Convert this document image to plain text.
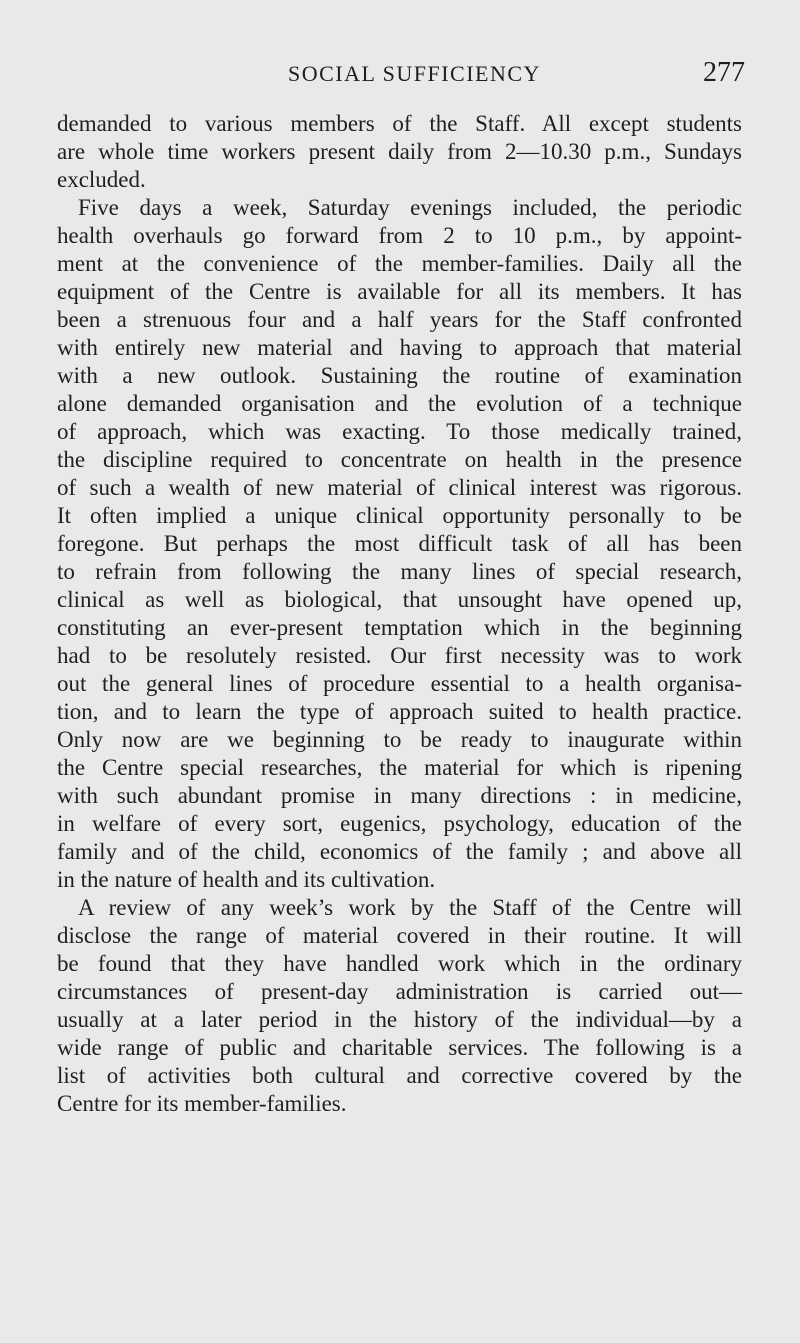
SOCIAL SUFFICIENCY	277
demanded to various members of the Staff. All except students
are whole time workers present daily from 2—10.30 p.m., Sundays
excluded.
Five days a week, Saturday evenings included, the periodic
health overhauls go forward from 2 to 10 p.m., by appoint-
ment at the convenience of the member-families. Daily all the
equipment of the Centre is available for all its members. It has
been a strenuous four and a half years for the Staff confronted
with entirely new material and having to approach that material
with a new outlook. Sustaining the routine of examination
alone demanded organisation and the evolution of a technique
of approach, which was exacting. To those medically trained,
the discipline required to concentrate on health in the presence
of such a wealth of new material of clinical interest was rigorous.
It often implied a unique clinical opportunity personally to be
foregone. But perhaps the most difficult task of all has been
to refrain from following the many lines of special research,
clinical as well as biological, that unsought have opened up,
constituting an ever-present temptation which in the beginning
had to be resolutely resisted. Our first necessity was to work
out the general lines of procedure essential to a health organisa-
tion, and to learn the type of approach suited to health practice.
Only now are we beginning to be ready to inaugurate within
the Centre special researches, the material for which is ripening
with such abundant promise in many directions : in medicine,
in welfare of every sort, eugenics, psychology, education of the
family and of the child, economics of the family ; and above all
in the nature of health and its cultivation.
A review of any week’s work by the Staff of the Centre will
disclose the range of material covered in their routine. It will
be found that they have handled work which in the ordinary
circumstances of present-day administration is carried out—
usually at a later period in the history of the individual—by a
wide range of public and charitable services. The following is a
list of activities both cultural and corrective covered by the
Centre for its member-families.
